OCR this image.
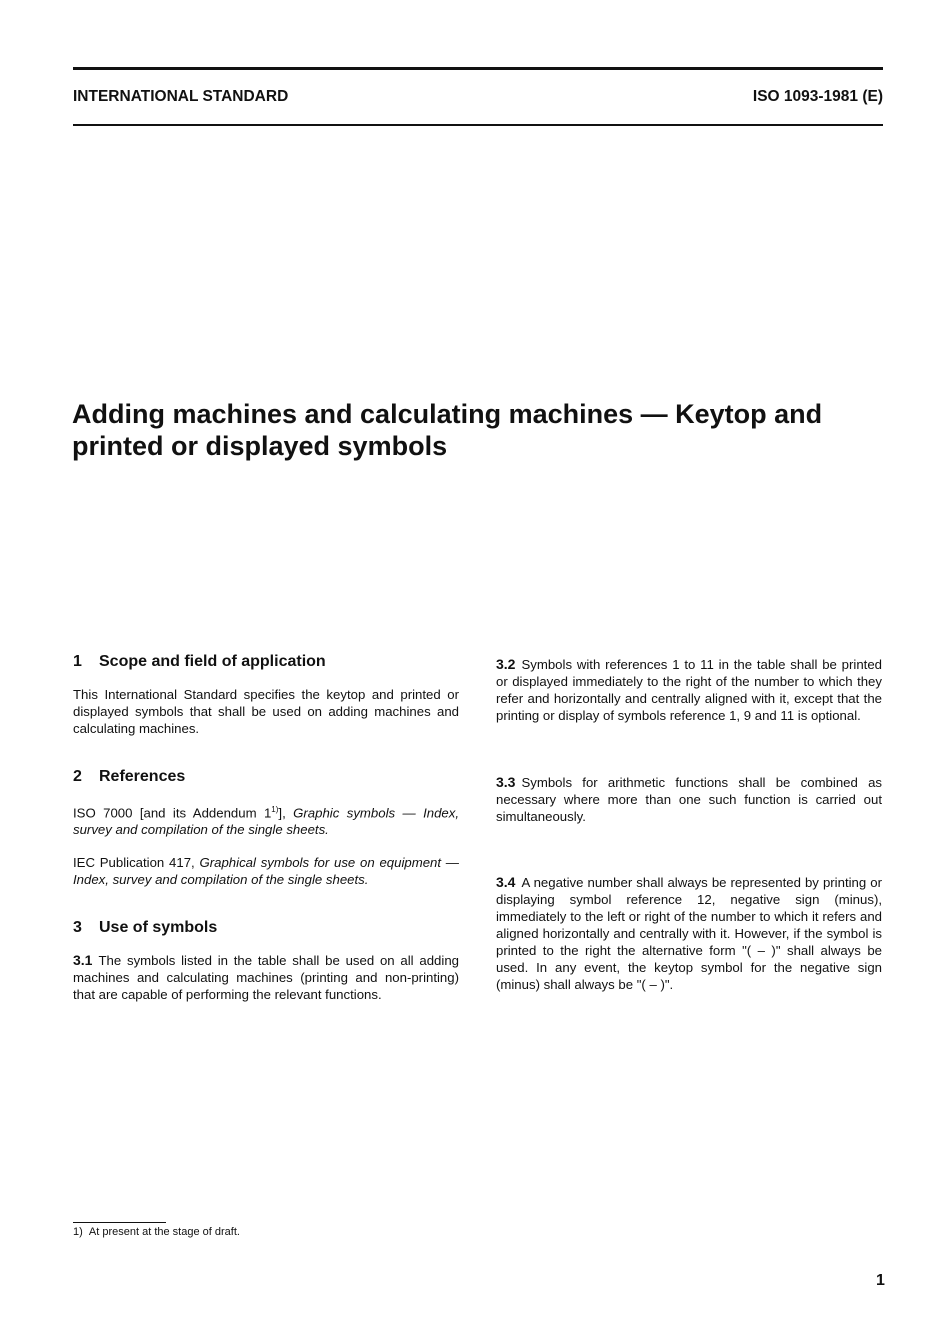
INTERNATIONAL STANDARD	ISO 1093-1981 (E)
Adding machines and calculating machines — Keytop and
printed or displayed symbols
1 Scope and field of application

This International Standard specifies the keytop and printed or displayed symbols that shall be used on adding machines and calculating machines.

2 References

ISO 7000 [and its Addendum 1$^{1)}$], Graphic symbols — Index, survey and compilation of the single sheets.

IEC Publication 417, Graphical symbols for use on equipment — Index, survey and compilation of the single sheets.

3 Use of symbols

3.1 The symbols listed in the table shall be used on all adding machines and calculating machines (printing and non-printing) that are capable of performing the relevant functions.

3.2 Symbols with references 1 to 11 in the table shall be printed or displayed immediately to the right of the number to which they refer and horizontally and centrally aligned with it, except that the printing or display of symbols reference 1, 9 and 11 is optional.

3.3 Symbols for arithmetic functions shall be combined as necessary where more than one such function is carried out simultaneously.

3.4 A negative number shall always be represented by printing or displaying symbol reference 12, negative sign (minus), immediately to the left or right of the number to which it refers and aligned horizontally and centrally with it. However, if the symbol is printed to the right the alternative form "( – )" shall always be used. In any event, the keytop symbol for the negative sign (minus) shall always be "( – )".

1) At present at the stage of draft.
1
